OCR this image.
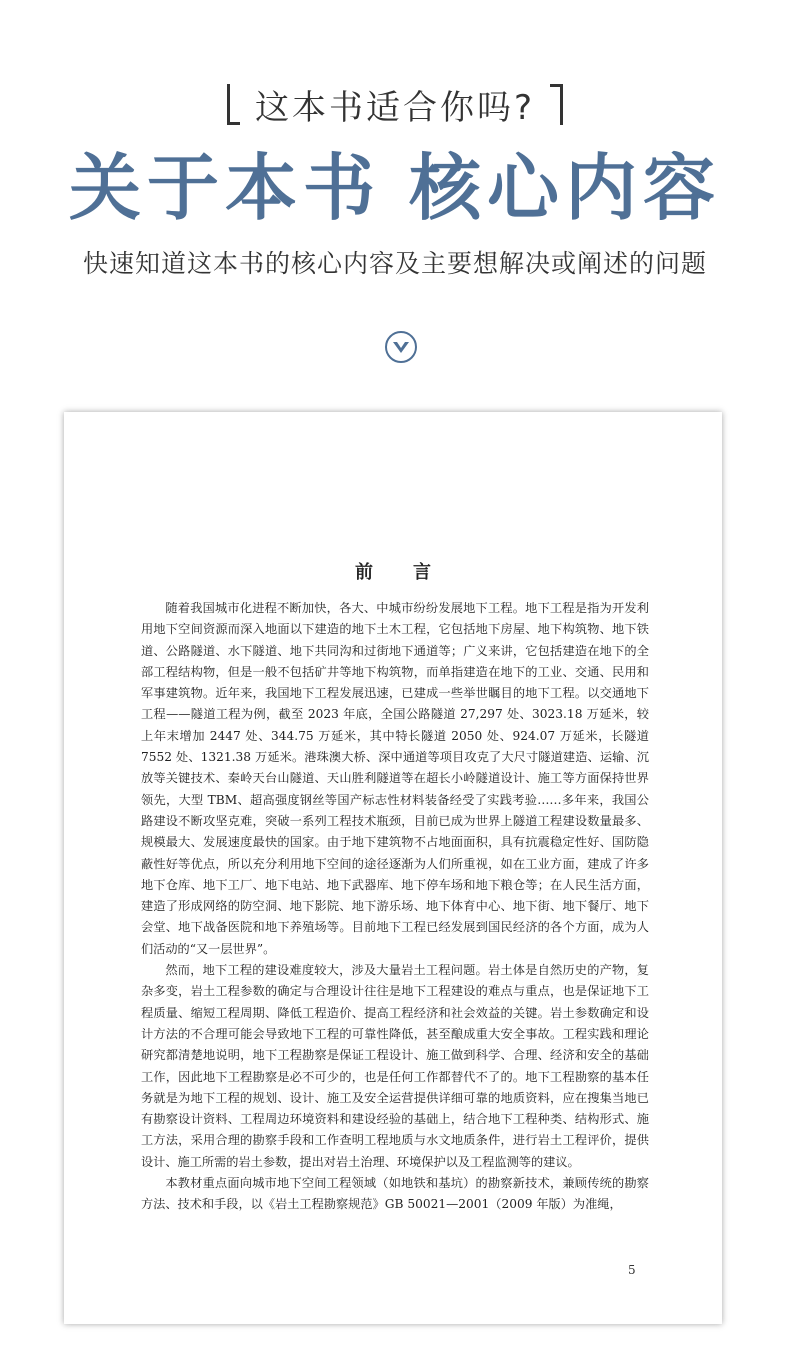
这本书适合你吗?
关于本书 核心内容
快速知道这本书的核心内容及主要想解决或阐述的问题
前言

随着我国城市化进程不断加快，各大、中城市纷纷发展地下工程。地下工程是指为开发利用地下空间资源而深入地面以下建造的地下土木工程，它包括地下房屋、地下构筑物、地下铁道、公路隧道、水下隧道、地下共同沟和过街地下通道等；广义来讲，它包括建造在地下的全部工程结构物，但是一般不包括矿井等地下构筑物，而单指建造在地下的工业、交通、民用和军事建筑物。近年来，我国地下工程发展迅速，已建成一些举世瞩目的地下工程。以交通地下工程——隧道工程为例，截至 2023 年底，全国公路隧道 27,297 处、3023.18 万延米，较上年末增加 2447 处、344.75 万延米，其中特长隧道 2050 处、924.07 万延米，长隧道 7552 处、1321.38 万延米。港珠澳大桥、深中通道等项目攻克了大尺寸隧道建造、运输、沉放等关键技术、秦岭天台山隧道、天山胜利隧道等在超长小岭隧道设计、施工等方面保持世界领先，大型 TBM、超高强度钢丝等国产标志性材料装备经受了实践考验……多年来，我国公路建设不断攻坚克难，突破一系列工程技术瓶颈，目前已成为世界上隧道工程建设数量最多、规模最大、发展速度最快的国家。由于地下建筑物不占地面面积，具有抗震稳定性好、国防隐蔽性好等优点，所以充分利用地下空间的途径逐渐为人们所重视，如在工业方面，建成了许多地下仓库、地下工厂、地下电站、地下武器库、地下停车场和地下粮仓等；在人民生活方面，建造了形成网络的防空洞、地下影院、地下游乐场、地下体育中心、地下街、地下餐厅、地下会堂、地下战备医院和地下养殖场等。目前地下工程已经发展到国民经济的各个方面，成为人们活动的“又一层世界”。

然而，地下工程的建设难度较大，涉及大量岩土工程问题。岩土体是自然历史的产物，复杂多变，岩土工程参数的确定与合理设计往往是地下工程建设的难点与重点，也是保证地下工程质量、缩短工程周期、降低工程造价、提高工程经济和社会效益的关键。岩土参数确定和设计方法的不合理可能会导致地下工程的可靠性降低，甚至酿成重大安全事故。工程实践和理论研究都清楚地说明，地下工程勘察是保证工程设计、施工做到科学、合理、经济和安全的基础工作，因此地下工程勘察是必不可少的，也是任何工作都替代不了的。地下工程勘察的基本任务就是为地下工程的规划、设计、施工及安全运营提供详细可靠的地质资料，应在搜集当地已有勘察设计资料、工程周边环境资料和建设经验的基础上，结合地下工程种类、结构形式、施工方法，采用合理的勘察手段和工作查明工程地质与水文地质条件，进行岩土工程评价，提供设计、施工所需的岩土参数，提出对岩土治理、环境保护以及工程监测等的建议。

本教材重点面向城市地下空间工程领域（如地铁和基坑）的勘察新技术，兼顾传统的勘察方法、技术和手段，以《岩土工程勘察规范》GB 50021—2001（2009 年版）为准绳，

5
